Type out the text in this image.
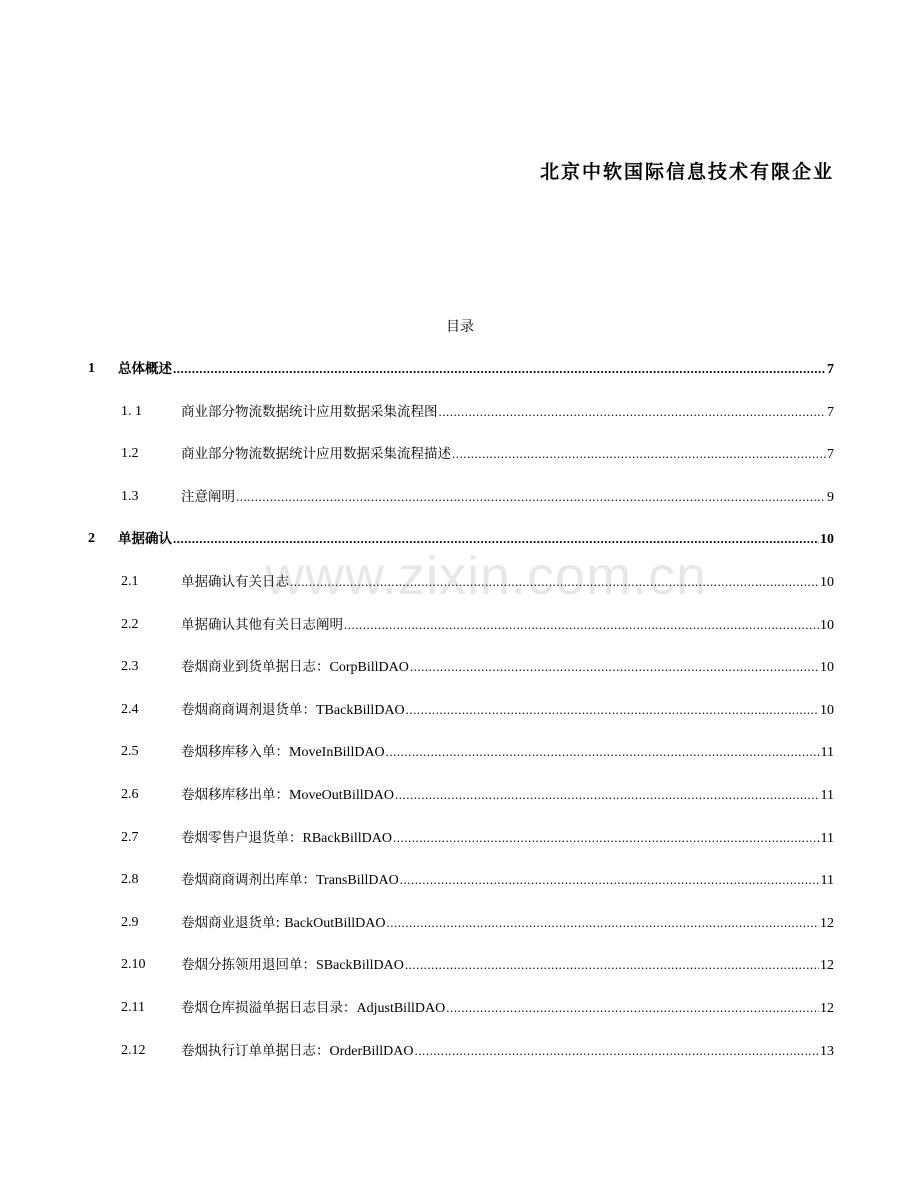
北京中软国际信息技术有限企业
目录
www.zixin.com.cn
1 总体概述 .....	7
1. 1	商业部分物流数据统计应用数据采集流程图 .....	7
1.2	商业部分物流数据统计应用数据采集流程描述 .....	7
1.3	注意阐明 .....	9
2 单据确认 .....	10
2.1	单据确认有关日志 .....	10
2.2	单据确认其他有关日志阐明 .....	10
2.3	卷烟商业到货单据日志：CorpBillDAO .....	10
2.4	卷烟商商调剂退货单：TBackBillDAO .....	10
2.5	卷烟移库移入单：MoveInBillDAO .....	11
2.6	卷烟移库移出单：MoveOutBillDAO .....	11
2.7	卷烟零售户退货单：RBackBillDAO .....	11
2.8	卷烟商商调剂出库单：TransBillDAO .....	11
2.9	卷烟商业退货单: BackOutBillDAO .....	12
2.10	卷烟分拣领用退回单：SBackBillDAO .....	12
2.11	卷烟仓库损溢单据日志目录：AdjustBillDAO .....	12
2.12	卷烟执行订单单据日志：OrderBillDAO .....	13
